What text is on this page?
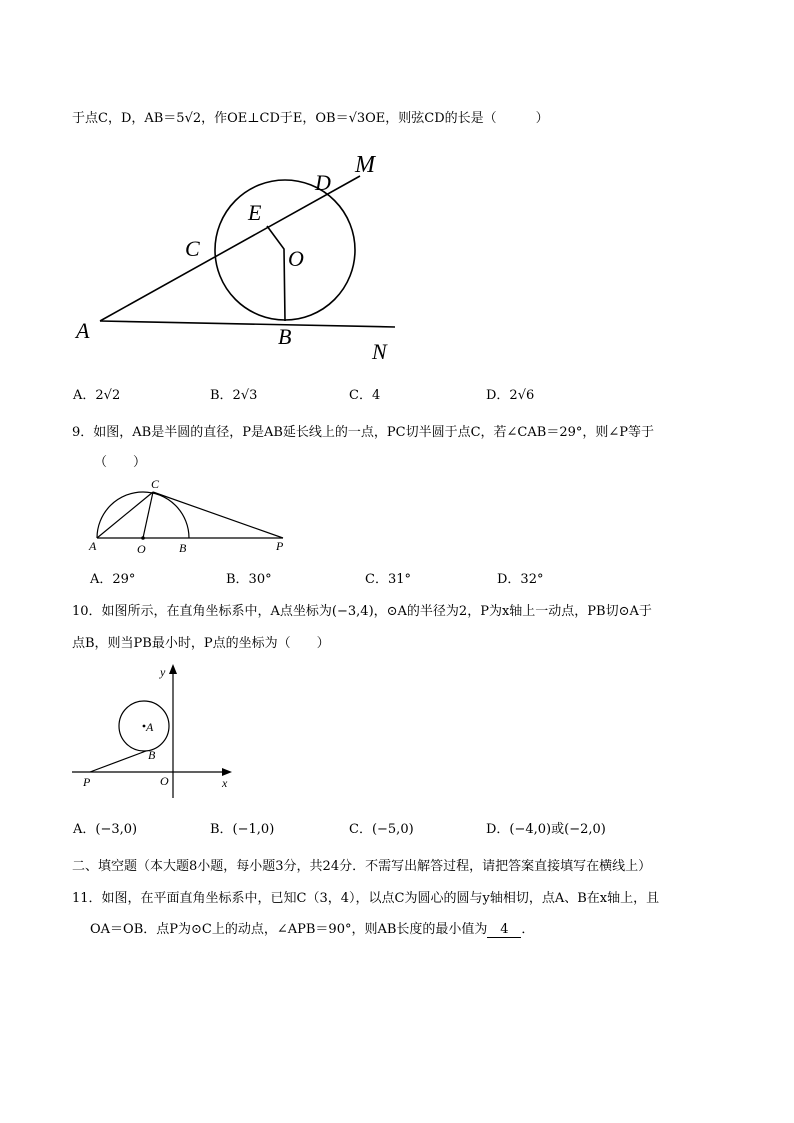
于点C，D，AB＝5√2，作OE⊥CD于E，OB＝√3OE，则弦CD的长是（　　　）
M
D
E
C	O
A	B
N
A．2√2	B．2√3	C．4	D．2√6
9．如图，AB是半圆的直径，P是AB延长线上的一点，PC切半圆于点C，若∠CAB＝29°，则∠P等于
（　　）
C
A	O	B	P
A．29°	B．30°	C．31°	D．32°
10．如图所示，在直角坐标系中，A点坐标为(−3,4)，⊙A的半径为2，P为x轴上一动点，PB切⊙A于
点B，则当PB最小时，P点的坐标为（　　）
y
A
B
P	O	x
A．(−3,0)	B．(−1,0)	C．(−5,0)	D．(−4,0)或(−2,0)
二、填空题（本大题8小题，每小题3分，共24分．不需写出解答过程，请把答案直接填写在横线上）
11．如图，在平面直角坐标系中，已知C（3，4），以点C为圆心的圆与y轴相切，点A、B在x轴上，且
OA＝OB．点P为⊙C上的动点，∠APB＝90°，则AB长度的最小值为 4 ．
